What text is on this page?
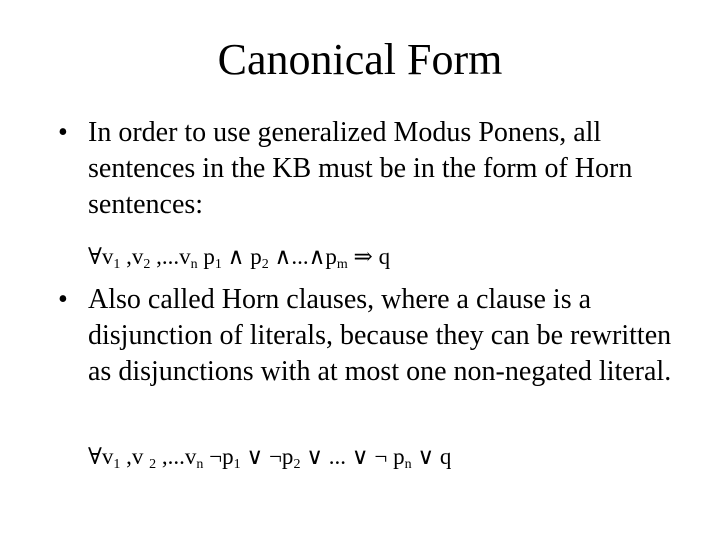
Canonical Form
• In order to use generalized Modus Ponens, all sentences in the KB must be in the form of Horn sentences:
$\forall v_1$ $,v_2$ $,...v_n$ $p_1$ ∧ $p_2$ $\wedge...\wedge p_m$ ⇒ q
• Also called Horn clauses, where a clause is a disjunction of literals, because they can be rewritten as disjunctions with at most one non-negated literal.
$\forall v_1$ ,v $_2$ $,...v_n$ $\neg p_1$ ∨ $\neg p_2$ ∨ ... ∨ ¬ $p_n$ ∨ q
